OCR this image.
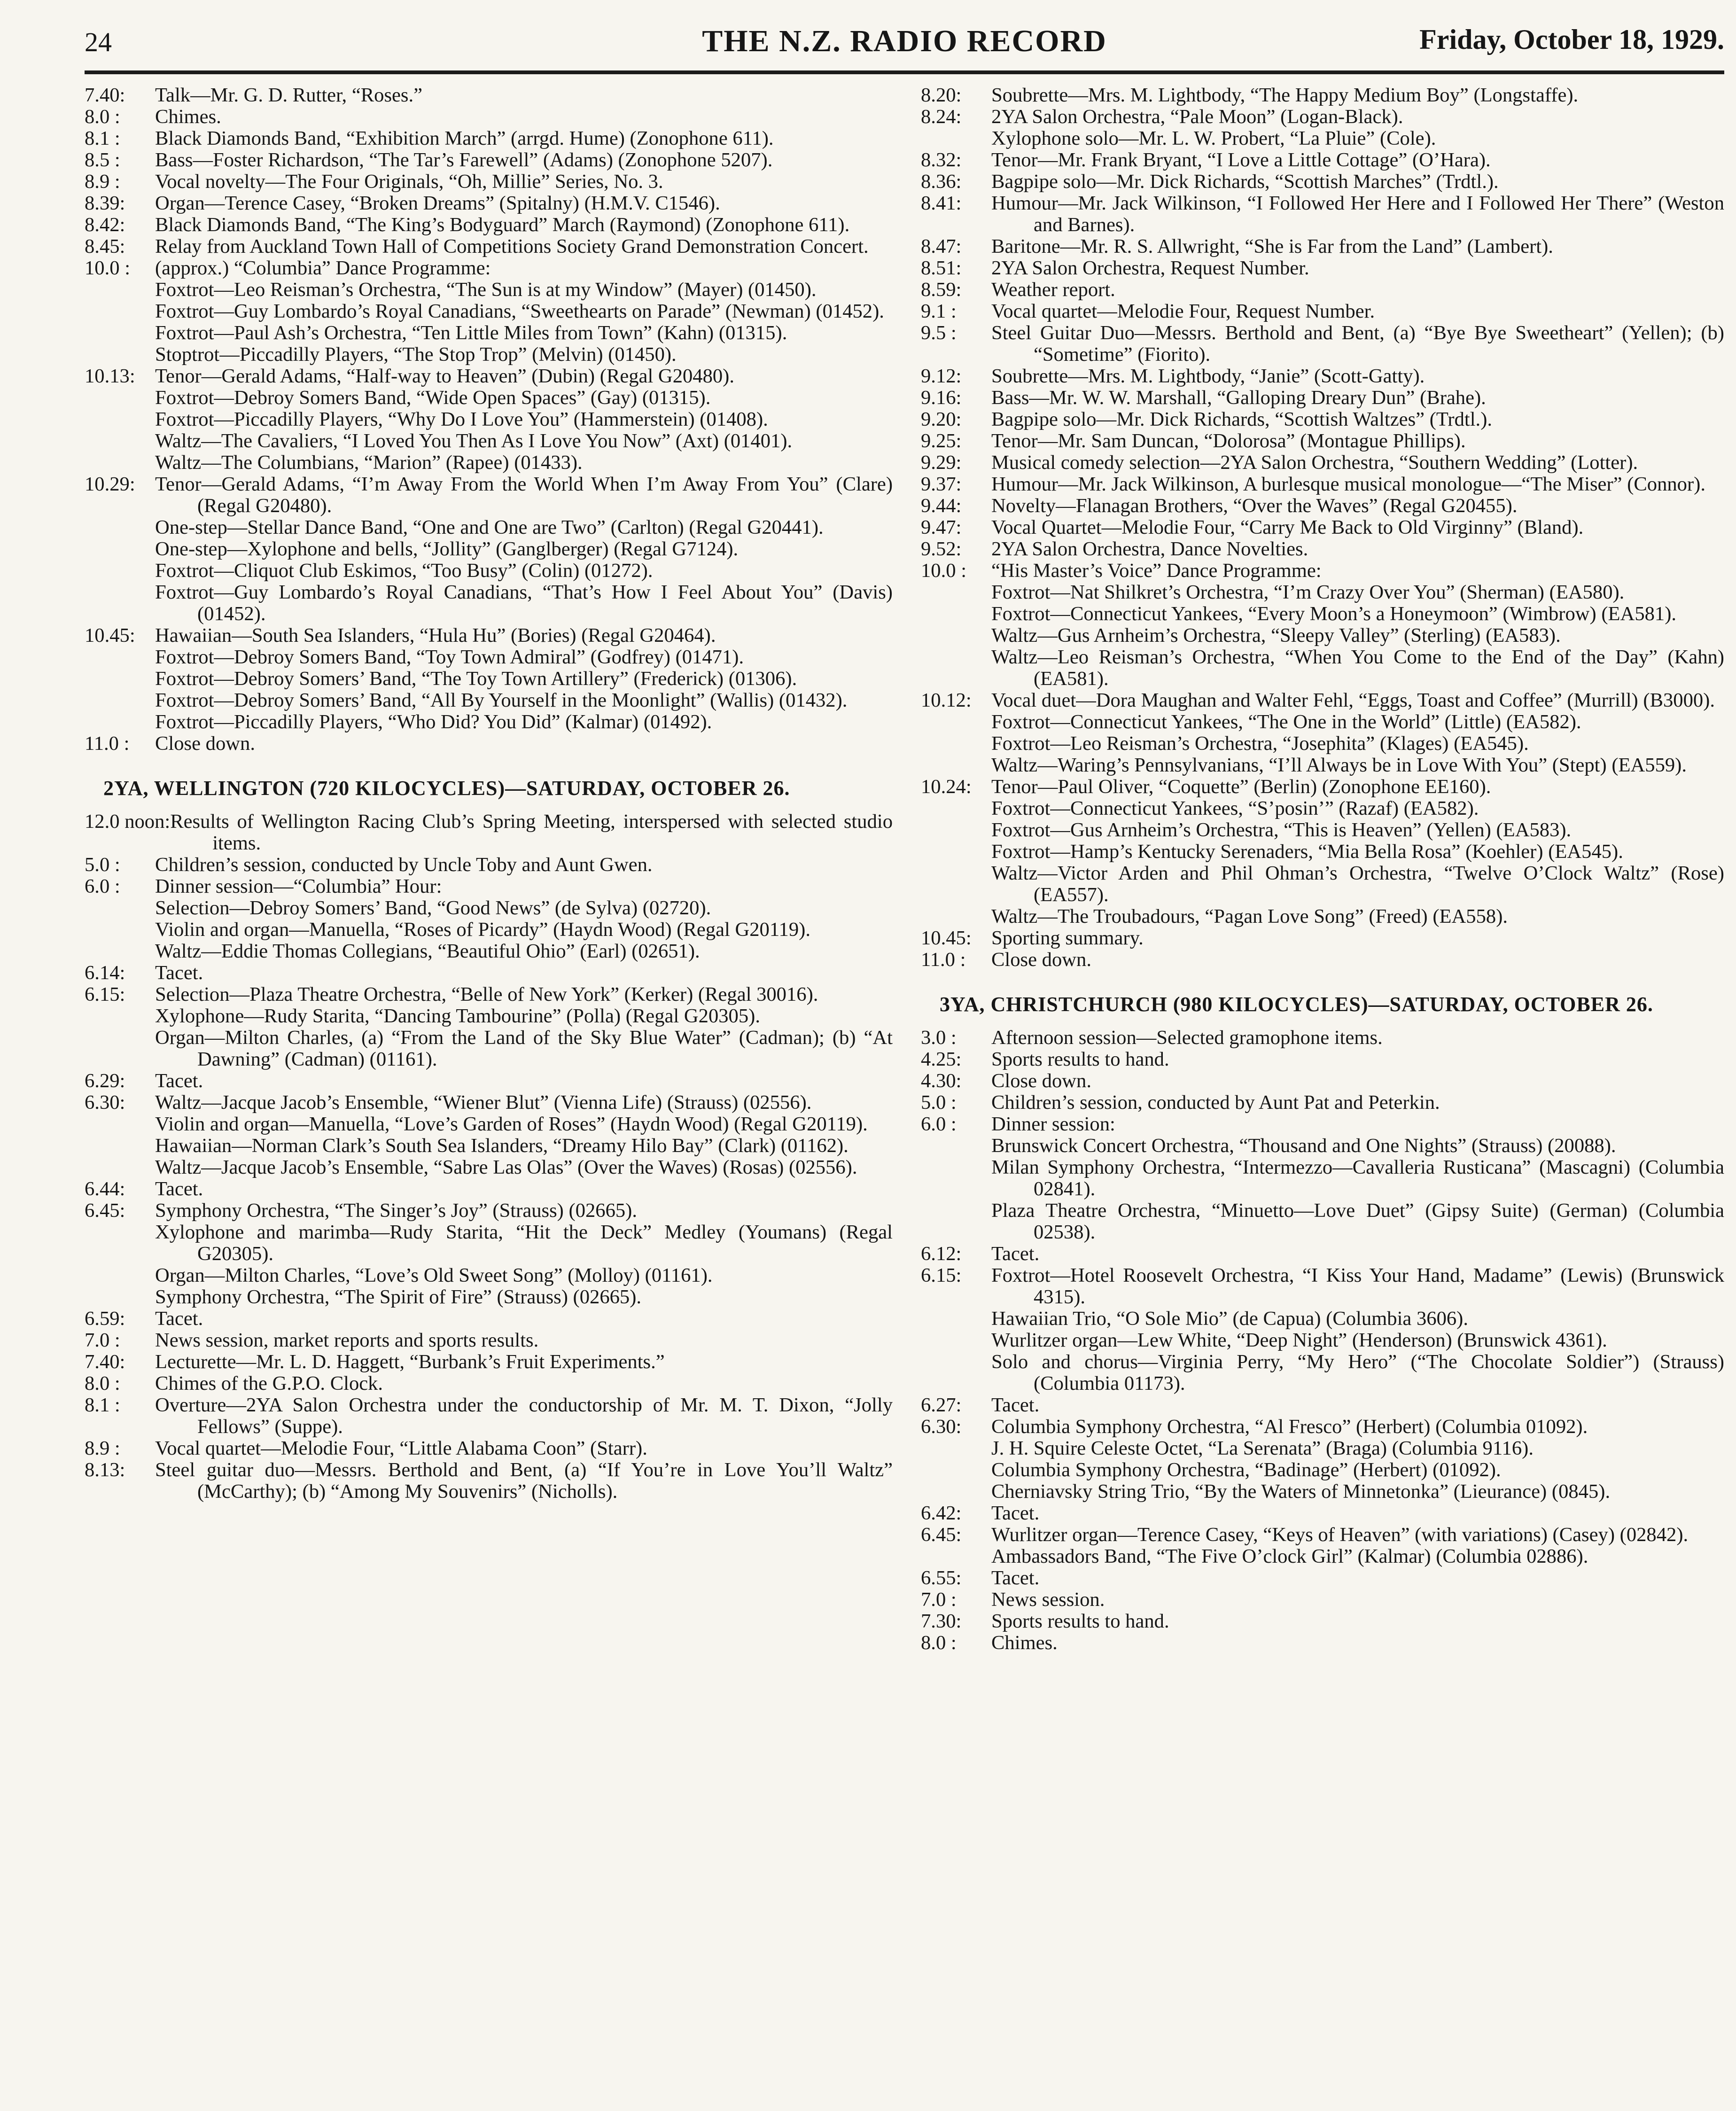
24	THE N.Z. RADIO RECORD	Friday, October 18, 1929.
7.40:	Talk—Mr. G. D. Rutter, “Roses.”
8.0 :	Chimes.
8.1 :	Black Diamonds Band, “Exhibition March” (arrgd. Hume) (Zonophone 611).
8.5 :	Bass—Foster Richardson, “The Tar’s Farewell” (Adams) (Zonophone 5207).
8.9 :	Vocal novelty—The Four Originals, “Oh, Millie” Series, No. 3.
8.39:	Organ—Terence Casey, “Broken Dreams” (Spitalny) (H.M.V. C1546).
8.42:	Black Diamonds Band, “The King’s Bodyguard” March (Raymond) (Zonophone 611).
8.45:	Relay from Auckland Town Hall of Competitions Society Grand Demonstration Concert.
10.0 :	(approx.) “Columbia” Dance Programme:
Foxtrot—Leo Reisman’s Orchestra, “The Sun is at my Window” (Mayer) (01450).
Foxtrot—Guy Lombardo’s Royal Canadians, “Sweethearts on Parade” (Newman) (01452).
Foxtrot—Paul Ash’s Orchestra, “Ten Little Miles from Town” (Kahn) (01315).
Stoptrot—Piccadilly Players, “The Stop Trop” (Melvin) (01450).
10.13: Tenor—Gerald Adams, “Half-way to Heaven” (Dubin) (Regal G20480).
Foxtrot—Debroy Somers Band, “Wide Open Spaces” (Gay) (01315).
Foxtrot—Piccadilly Players, “Why Do I Love You” (Hammerstein) (01408).
Waltz—The Cavaliers, “I Loved You Then As I Love You Now” (Axt) (01401).
Waltz—The Columbians, “Marion” (Rapee) (01433).
10.29: Tenor—Gerald Adams, “I’m Away From the World When I’m Away From You” (Clare) (Regal G20480).
One-step—Stellar Dance Band, “One and One are Two” (Carlton) (Regal G20441).
One-step—Xylophone and bells, “Jollity” (Ganglberger) (Regal G7124).
Foxtrot—Cliquot Club Eskimos, “Too Busy” (Colin) (01272).
Foxtrot—Guy Lombardo’s Royal Canadians, “That’s How I Feel About You” (Davis) (01452).
10.45: Hawaiian—South Sea Islanders, “Hula Hu” (Bories) (Regal G20464).
Foxtrot—Debroy Somers Band, “Toy Town Admiral” (Godfrey) (01471).
Foxtrot—Debroy Somers’ Band, “The Toy Town Artillery” (Frederick) (01306).
Foxtrot—Debroy Somers’ Band, “All By Yourself in the Moonlight” (Wallis) (01432).
Foxtrot—Piccadilly Players, “Who Did? You Did” (Kalmar) (01492).
11.0 :	Close down.
2YA, WELLINGTON (720 KILOCYCLES)—SATURDAY, OCTOBER 26.
12.0 noon: Results of Wellington Racing Club’s Spring Meeting, interspersed with selected studio items.
5.0 :	Children’s session, conducted by Uncle Toby and Aunt Gwen.
6.0 :	Dinner session—“Columbia” Hour:
Selection—Debroy Somers’ Band, “Good News” (de Sylva) (02720).
Violin and organ—Manuella, “Roses of Picardy” (Haydn Wood) (Regal G20119).
Waltz—Eddie Thomas Collegians, “Beautiful Ohio” (Earl) (02651).
6.14:	Tacet.
6.15:	Selection—Plaza Theatre Orchestra, “Belle of New York” (Kerker) (Regal 30016).
Xylophone—Rudy Starita, “Dancing Tambourine” (Polla) (Regal G20305).
Organ—Milton Charles, (a) “From the Land of the Sky Blue Water” (Cadman); (b) “At Dawning” (Cadman) (01161).
6.29:	Tacet.
6.30:	Waltz—Jacque Jacob’s Ensemble, “Wiener Blut” (Vienna Life) (Strauss) (02556).
Violin and organ—Manuella, “Love’s Garden of Roses” (Haydn Wood) (Regal G20119).
Hawaiian—Norman Clark’s South Sea Islanders, “Dreamy Hilo Bay” (Clark) (01162).
Waltz—Jacque Jacob’s Ensemble, “Sabre Las Olas” (Over the Waves) (Rosas) (02556).
6.44:	Tacet.
6.45:	Symphony Orchestra, “The Singer’s Joy” (Strauss) (02665).
Xylophone and marimba—Rudy Starita, “Hit the Deck” Medley (Youmans) (Regal G20305).
Organ—Milton Charles, “Love’s Old Sweet Song” (Molloy) (01161).
Symphony Orchestra, “The Spirit of Fire” (Strauss) (02665).
6.59:	Tacet.
7.0 :	News session, market reports and sports results.
7.40:	Lecturette—Mr. L. D. Haggett, “Burbank’s Fruit Experiments.”
8.0 :	Chimes of the G.P.O. Clock.
8.1 :	Overture—2YA Salon Orchestra under the conductorship of Mr. M. T. Dixon, “Jolly Fellows” (Suppe).
8.9 :	Vocal quartet—Melodie Four, “Little Alabama Coon” (Starr).
8.13:	Steel guitar duo—Messrs. Berthold and Bent, (a) “If You’re in Love You’ll Waltz” (McCarthy); (b) “Among My Souvenirs” (Nicholls).
8.20:	Soubrette—Mrs. M. Lightbody, “The Happy Medium Boy” (Longstaffe).
8.24:	2YA Salon Orchestra, “Pale Moon” (Logan-Black).
Xylophone solo—Mr. L. W. Probert, “La Pluie” (Cole).
8.32:	Tenor—Mr. Frank Bryant, “I Love a Little Cottage” (O’Hara).
8.36:	Bagpipe solo—Mr. Dick Richards, “Scottish Marches” (Trdtl.).
8.41:	Humour—Mr. Jack Wilkinson, “I Followed Her Here and I Followed Her There” (Weston and Barnes).
8.47:	Baritone—Mr. R. S. Allwright, “She is Far from the Land” (Lambert).
8.51:	2YA Salon Orchestra, Request Number.
8.59:	Weather report.
9.1 :	Vocal quartet—Melodie Four, Request Number.
9.5 :	Steel Guitar Duo—Messrs. Berthold and Bent, (a) “Bye Bye Sweetheart” (Yellen); (b) “Sometime” (Fiorito).
9.12:	Soubrette—Mrs. M. Lightbody, “Janie” (Scott-Gatty).
9.16:	Bass—Mr. W. W. Marshall, “Galloping Dreary Dun” (Brahe).
9.20:	Bagpipe solo—Mr. Dick Richards, “Scottish Waltzes” (Trdtl.).
9.25:	Tenor—Mr. Sam Duncan, “Dolorosa” (Montague Phillips).
9.29:	Musical comedy selection—2YA Salon Orchestra, “Southern Wedding” (Lotter).
9.37:	Humour—Mr. Jack Wilkinson, A burlesque musical monologue—“The Miser” (Connor).
9.44:	Novelty—Flanagan Brothers, “Over the Waves” (Regal G20455).
9.47:	Vocal Quartet—Melodie Four, “Carry Me Back to Old Virginny” (Bland).
9.52:	2YA Salon Orchestra, Dance Novelties.
10.0 :	“His Master’s Voice” Dance Programme:
Foxtrot—Nat Shilkret’s Orchestra, “I’m Crazy Over You” (Sherman) (EA580).
Foxtrot—Connecticut Yankees, “Every Moon’s a Honeymoon” (Wimbrow) (EA581).
Waltz—Gus Arnheim’s Orchestra, “Sleepy Valley” (Sterling) (EA583).
Waltz—Leo Reisman’s Orchestra, “When You Come to the End of the Day” (Kahn) (EA581).
10.12: Vocal duet—Dora Maughan and Walter Fehl, “Eggs, Toast and Coffee” (Murrill) (B3000).
Foxtrot—Connecticut Yankees, “The One in the World” (Little) (EA582).
Foxtrot—Leo Reisman’s Orchestra, “Josephita” (Klages) (EA545).
Waltz—Waring’s Pennsylvanians, “I’ll Always be in Love With You” (Stept) (EA559).
10.24: Tenor—Paul Oliver, “Coquette” (Berlin) (Zonophone EE160).
Foxtrot—Connecticut Yankees, “S’posin’” (Razaf) (EA582).
Foxtrot—Gus Arnheim’s Orchestra, “This is Heaven” (Yellen) (EA583).
Foxtrot—Hamp’s Kentucky Serenaders, “Mia Bella Rosa” (Koehler) (EA545).
Waltz—Victor Arden and Phil Ohman’s Orchestra, “Twelve O’Clock Waltz” (Rose) (EA557).
Waltz—The Troubadours, “Pagan Love Song” (Freed) (EA558).
10.45: Sporting summary.
11.0 :	Close down.
3YA, CHRISTCHURCH (980 KILOCYCLES)—SATURDAY, OCTOBER 26.
3.0 :	Afternoon session—Selected gramophone items.
4.25:	Sports results to hand.
4.30:	Close down.
5.0 :	Children’s session, conducted by Aunt Pat and Peterkin.
6.0 :	Dinner session:
Brunswick Concert Orchestra, “Thousand and One Nights” (Strauss) (20088).
Milan Symphony Orchestra, “Intermezzo—Cavalleria Rusticana” (Mascagni) (Columbia 02841).
Plaza Theatre Orchestra, “Minuetto—Love Duet” (Gipsy Suite) (German) (Columbia 02538).
6.12:	Tacet.
6.15:	Foxtrot—Hotel Roosevelt Orchestra, “I Kiss Your Hand, Madame” (Lewis) (Brunswick 4315).
Hawaiian Trio, “O Sole Mio” (de Capua) (Columbia 3606).
Wurlitzer organ—Lew White, “Deep Night” (Henderson) (Brunswick 4361).
Solo and chorus—Virginia Perry, “My Hero” (“The Chocolate Soldier”) (Strauss) (Columbia 01173).
6.27:	Tacet.
6.30:	Columbia Symphony Orchestra, “Al Fresco” (Herbert) (Columbia 01092).
J. H. Squire Celeste Octet, “La Serenata” (Braga) (Columbia 9116).
Columbia Symphony Orchestra, “Badinage” (Herbert) (01092).
Cherniavsky String Trio, “By the Waters of Minnetonka” (Lieurance) (0845).
6.42:	Tacet.
6.45:	Wurlitzer organ—Terence Casey, “Keys of Heaven” (with variations) (Casey) (02842).
Ambassadors Band, “The Five O’clock Girl” (Kalmar) (Columbia 02886).
6.55:	Tacet.
7.0 :	News session.
7.30:	Sports results to hand.
8.0 :	Chimes.
